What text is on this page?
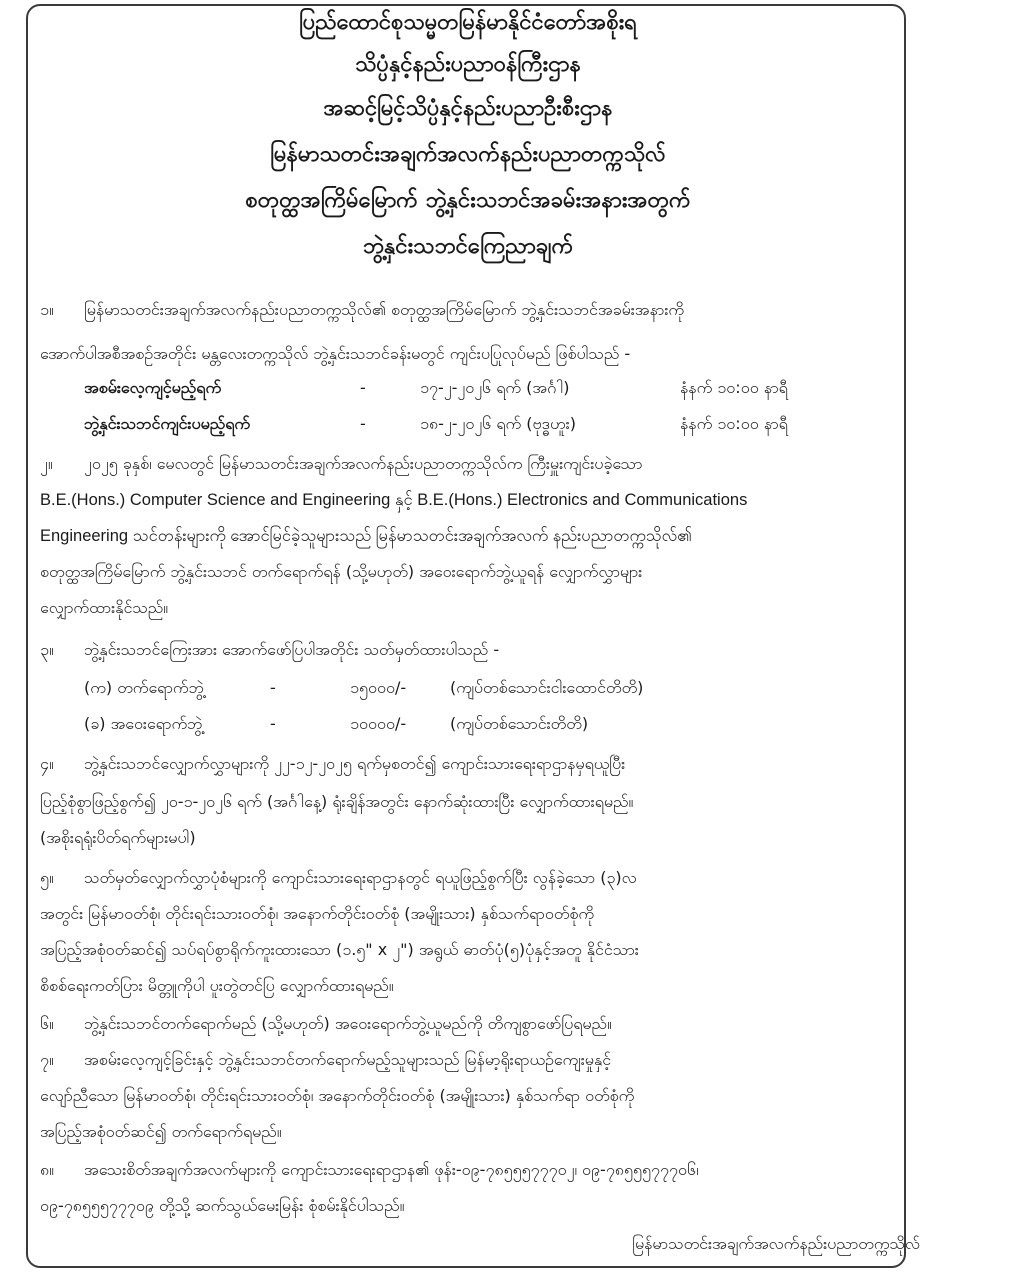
ပြည်ထောင်စုသမ္မတမြန်မာနိုင်ငံတော်အစိုးရ
သိပ္ပံနှင့်နည်းပညာဝန်ကြီးဌာန
အဆင့်မြင့်သိပ္ပံနှင့်နည်းပညာဦးစီးဌာန
မြန်မာသတင်းအချက်အလက်နည်းပညာတက္ကသိုလ်
စတုတ္ထအကြိမ်မြောက် ဘွဲ့နှင်းသဘင်အခမ်းအနားအတွက်
ဘွဲ့နှင်းသဘင်ကြေညာချက်
၁။ မြန်မာသတင်းအချက်အလက်နည်းပညာတက္ကသိုလ်၏ စတုတ္ထအကြိမ်မြောက် ဘွဲ့နှင်းသဘင်အခမ်းအနားကို
အောက်ပါအစီအစဉ်အတိုင်း မန္တလေးတက္ကသိုလ် ဘွဲ့နှင်းသဘင်ခန်းမတွင် ကျင်းပပြုလုပ်မည် ဖြစ်ပါသည် -
အစမ်းလေ့ကျင့်မည့်ရက်	-	၁၇-၂-၂၀၂၆ ရက် (အင်္ဂါ)	နံနက် ၁၀:၀၀ နာရီ
ဘွဲ့နှင်းသဘင်ကျင်းပမည့်ရက်	-	၁၈-၂-၂၀၂၆ ရက် (ဗုဒ္ဓဟူး)	နံနက် ၁၀:၀၀ နာရီ
၂။ ၂၀၂၅ ခုနှစ်၊ မေလတွင် မြန်မာသတင်းအချက်အလက်နည်းပညာတက္ကသိုလ်က ကြီးမှူးကျင်းပခဲ့သော
B.E.(Hons.) Computer Science and Engineering နှင့် B.E.(Hons.) Electronics and Communications
Engineering သင်တန်းများကို အောင်မြင်ခဲ့သူများသည် မြန်မာသတင်းအချက်အလက် နည်းပညာတက္ကသိုလ်၏
စတုတ္ထအကြိမ်မြောက် ဘွဲ့နှင်းသဘင် တက်ရောက်ရန် (သို့မဟုတ်) အဝေးရောက်ဘွဲ့ယူရန် လျှောက်လွှာများ
လျှောက်ထားနိုင်သည်။
၃။ ဘွဲ့နှင်းသဘင်ကြေးအား အောက်ဖော်ပြပါအတိုင်း သတ်မှတ်ထားပါသည် -
(က) တက်ရောက်ဘွဲ့	-	၁၅၀၀၀/-	(ကျပ်တစ်သောင်းငါးထောင်တိတိ)
(ခ) အဝေးရောက်ဘွဲ့	-	၁၀၀၀၀/-	(ကျပ်တစ်သောင်းတိတိ)
၄။ ဘွဲ့နှင်းသဘင်လျှောက်လွှာများကို ၂၂-၁၂-၂၀၂၅ ရက်မှစတင်၍ ကျောင်းသားရေးရာဌာနမှရယူပြီး
ပြည့်စုံစွာဖြည့်စွက်၍ ၂၀-၁-၂၀၂၆ ရက် (အင်္ဂါနေ့) ရုံးချိန်အတွင်း နောက်ဆုံးထားပြီး လျှောက်ထားရမည်။
(အစိုးရရုံးပိတ်ရက်များမပါ)
၅။ သတ်မှတ်လျှောက်လွှာပုံစံများကို ကျောင်းသားရေးရာဌာနတွင် ရယူဖြည့်စွက်ပြီး လွန်ခဲ့သော (၃)လ
အတွင်း မြန်မာဝတ်စုံ၊ တိုင်းရင်းသားဝတ်စုံ၊ အနောက်တိုင်းဝတ်စုံ (အမျိုးသား) နှစ်သက်ရာဝတ်စုံကို
အပြည့်အစုံဝတ်ဆင်၍ သပ်ရပ်စွာရိုက်ကူးထားသော (၁.၅" x ၂") အရွယ် ဓာတ်ပုံ(၅)ပုံနှင့်အတူ နိုင်ငံသား
စိစစ်ရေးကတ်ပြား မိတ္တူကိုပါ ပူးတွဲတင်ပြ လျှောက်ထားရမည်။
၆။ ဘွဲ့နှင်းသဘင်တက်ရောက်မည် (သို့မဟုတ်) အဝေးရောက်ဘွဲ့ယူမည်ကို တိကျစွာဖော်ပြရမည်။
၇။ အစမ်းလေ့ကျင့်ခြင်းနှင့် ဘွဲ့နှင်းသဘင်တက်ရောက်မည့်သူများသည် မြန်မာ့ရိုးရာယဉ်ကျေးမှုနှင့်
လျော်ညီသော မြန်မာဝတ်စုံ၊ တိုင်းရင်းသားဝတ်စုံ၊ အနောက်တိုင်းဝတ်စုံ (အမျိုးသား) နှစ်သက်ရာ ဝတ်စုံကို
အပြည့်အစုံဝတ်ဆင်၍ တက်ရောက်ရမည်။
၈။ အသေးစိတ်အချက်အလက်များကို ကျောင်းသားရေးရာဌာန၏ ဖုန်း-၀၉-၇၈၅၅၅၇၇၇၀၂၊ ၀၉-၇၈၅၅၅၇၇၇၀၆၊
၀၉-၇၈၅၅၅၇၇၇၀၉ တို့သို့ ဆက်သွယ်မေးမြန်း စုံစမ်းနိုင်ပါသည်။
မြန်မာသတင်းအချက်အလက်နည်းပညာတက္ကသိုလ်
